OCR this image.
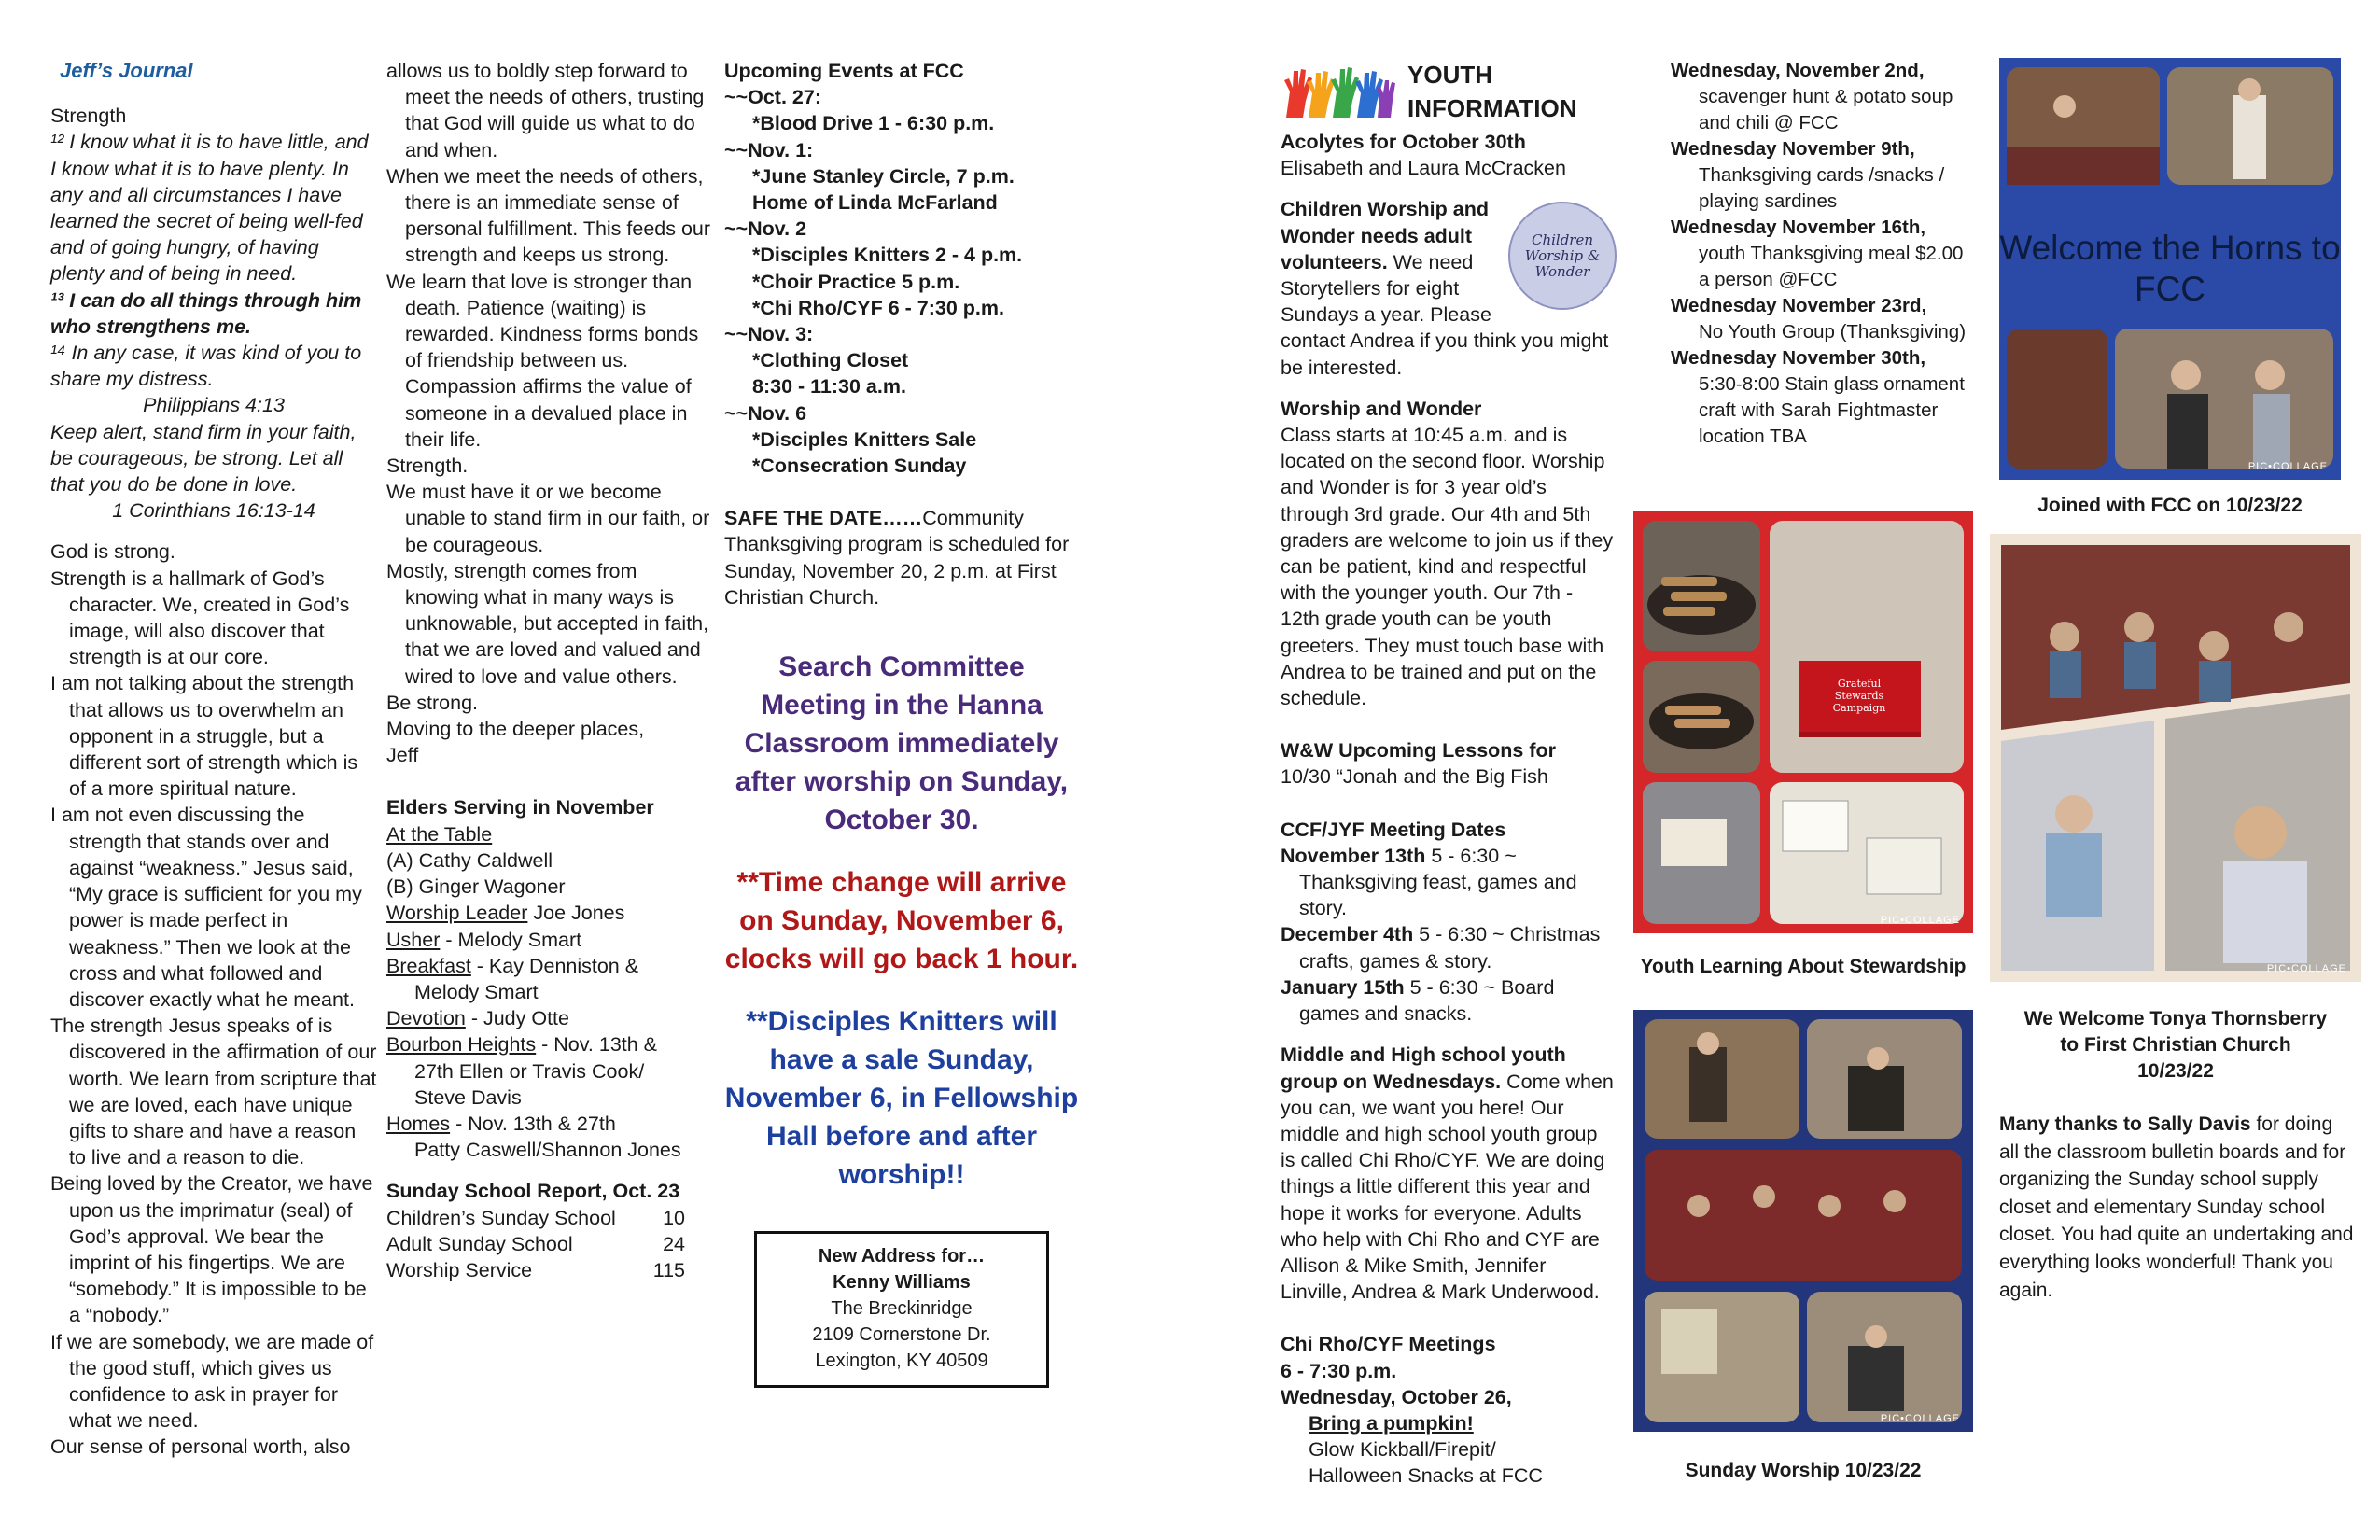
Jeff’s Journal

Strength

¹² I know what it is to have little, and I know what it is to have plenty. In any and all circumstances I have learned the secret of being well-fed and of going hungry, of having plenty and of being in need.

¹³ I can do all things through him who strengthens me.

¹⁴ In any case, it was kind of you to share my distress.

Philippians 4:13

Keep alert, stand firm in your faith, be courageous, be strong. Let all that you do be done in love.

1 Corinthians 16:13-14

God is strong.

Strength is a hallmark of God’s character. We, created in God’s image, will also discover that strength is at our core.

I am not talking about the strength that allows us to overwhelm an opponent in a struggle, but a different sort of strength which is of a more spiritual nature.

I am not even discussing the strength that stands over and against “weakness.” Jesus said, “My grace is sufficient for you my power is made perfect in weakness.” Then we look at the cross and what followed and discover exactly what he meant.

The strength Jesus speaks of is discovered in the affirmation of our worth. We learn from scripture that we are loved, each have unique gifts to share and have a reason to live and a reason to die.

Being loved by the Creator, we have upon us the imprimatur (seal) of God’s approval. We bear the imprint of his fingertips. We are “somebody.” It is impossible to be a “nobody.”

If we are somebody, we are made of the good stuff, which gives us confidence to ask in prayer for what we need.

Our sense of personal worth, also

allows us to boldly step forward to meet the needs of others, trusting that God will guide us what to do and when.

When we meet the needs of others, there is an immediate sense of personal fulfillment. This feeds our strength and keeps us strong.

We learn that love is stronger than death. Patience (waiting) is rewarded. Kindness forms bonds of friendship between us. Compassion affirms the value of someone in a devalued place in their life.

Strength.

We must have it or we become unable to stand firm in our faith, or be courageous.

Mostly, strength comes from knowing what in many ways is unknowable, but accepted in faith, that we are loved and valued and wired to love and value others.

Be strong.

Moving to the deeper places,

Jeff

Elders Serving in November

At the Table

(A) Cathy Caldwell

(B) Ginger Wagoner

Worship Leader Joe Jones

Usher - Melody Smart

Breakfast - Kay Denniston &

Melody Smart

Devotion - Judy Otte

Bourbon Heights - Nov. 13th &

27th Ellen or Travis Cook/

Steve Davis

Homes - Nov. 13th & 27th

Patty Caswell/Shannon Jones

Sunday School Report, Oct. 23

Children’s Sunday School 10
Adult Sunday School	24
Worship Service	115

Upcoming Events at FCC

~~Oct. 27:

*Blood Drive 1 - 6:30 p.m.

~~Nov. 1:

*June Stanley Circle, 7 p.m.

Home of Linda McFarland

~~Nov. 2

*Disciples Knitters 2 - 4 p.m.

*Choir Practice 5 p.m.

*Chi Rho/CYF 6 - 7:30 p.m.

~~Nov. 3:

*Clothing Closet

8:30 - 11:30 a.m.

~~Nov. 6

*Disciples Knitters Sale

*Consecration Sunday

SAFE THE DATE……Community Thanksgiving program is scheduled for Sunday, November 20, 2 p.m. at First Christian Church.

Search Committee Meeting in the Hanna Classroom immediately after worship on Sunday, October 30.

**Time change will arrive on Sunday, November 6, clocks will go back 1 hour.

**Disciples Knitters will have a sale Sunday, November 6, in Fellowship Hall before and after worship!!

New Address for…

Kenny Williams

The Breckinridge

2109 Cornerstone Dr.

Lexington, KY 40509

YOUTH
INFORMATION

Acolytes for October 30th

Elisabeth and Laura McCracken

Children Worship & Wonder

Children Worship and Wonder needs adult volunteers. We need Storytellers for eight Sundays a year. Please contact Andrea if you think you might be interested.

Worship and Wonder

Class starts at 10:45 a.m. and is located on the second floor. Worship and Wonder is for 3 year old’s through 3rd grade. Our 4th and 5th graders are welcome to join us if they can be patient, kind and respectful with the younger youth. Our 7th - 12th grade youth can be youth greeters. They must touch base with Andrea to be trained and put on the schedule.

W&W Upcoming Lessons for

10/30 “Jonah and the Big Fish

CCF/JYF Meeting Dates

November 13th 5 - 6:30 ~ Thanksgiving feast, games and story.

December 4th 5 - 6:30 ~ Christmas crafts, games & story.

January 15th 5 - 6:30 ~ Board games and snacks.

Middle and High school youth group on Wednesdays. Come when you can, we want you here! Our middle and high school youth group is called Chi Rho/CYF. We are doing things a little different this year and hope it works for everyone. Adults who help with Chi Rho and CYF are Allison & Mike Smith, Jennifer Linville, Andrea & Mark Underwood.

Chi Rho/CYF Meetings

6 - 7:30 p.m.

Wednesday, October 26,

Bring a pumpkin!

Glow Kickball/Firepit/

Halloween Snacks at FCC

Wednesday, November 2nd,

scavenger hunt & potato soup and chili @ FCC

Wednesday November 9th,

Thanksgiving cards /snacks / playing sardines

Wednesday November 16th,

youth Thanksgiving meal $2.00 a person @FCC

Wednesday November 23rd,

No Youth Group (Thanksgiving)

Wednesday November 30th,

5:30-8:00 Stain glass ornament craft with Sarah Fightmaster location TBA

Grateful Stewards Campaign
PIC•COLLAGE
Youth Learning About Stewardship
PIC•COLLAGE
Sunday Worship 10/23/22
Welcome the Horns to FCC
PIC•COLLAGE
Joined with FCC on 10/23/22
PIC•COLLAGE
We Welcome Tonya Thornsberry
to First Christian Church
10/23/22

Many thanks to Sally Davis for doing all the classroom bulletin boards and for organizing the Sunday school supply closet and elementary Sunday school closet. You had quite an undertaking and everything looks wonderful! Thank you again.
